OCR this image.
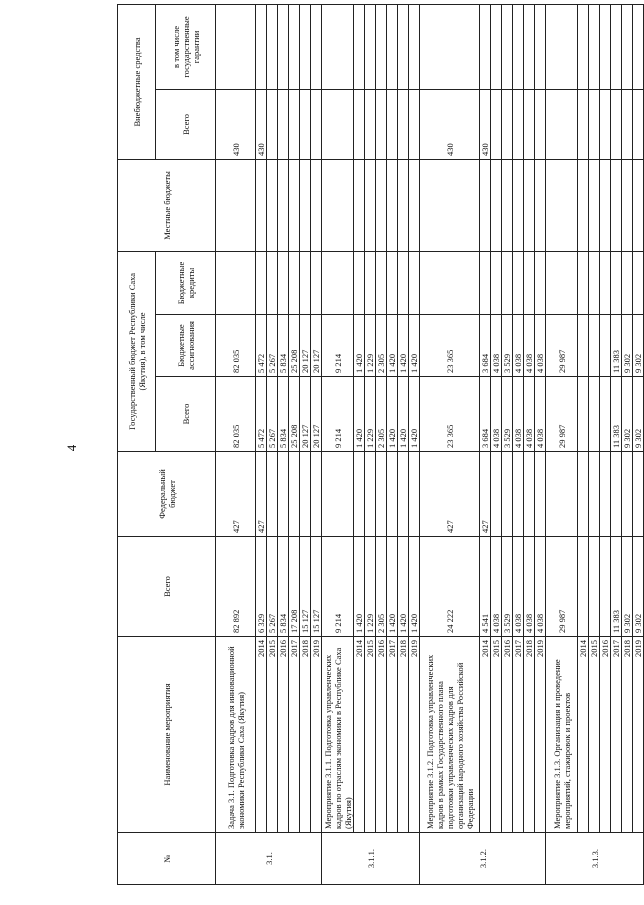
4
№	Наименование мероприятия	Всего	Федеральный бюджет	Государственный бюджет Республики Саха (Якутия), в том числе			Местные бюджеты	Внебюджетные средства	
				Всего	Бюджетные ассигнования	Бюджетные кредиты		Всего	в том числе государственные гарантии
3.1.	Задача 3.1. Подготовка кадров для инновационной экономики Республики Саха (Якутия)	82 892	427	82 035	82 035			430	
	2014	6 329	427	5 472	5 472			430	
	2015	5 267		5 267	5 267				
	2016	5 834		5 834	5 834				
	2017	17 208		25 208	25 208				
	2018	15 127		20 127	20 127				
	2019	15 127		20 127	20 127				
3.1.1.	Мероприятие 3.1.1. Подготовка управленческих кадров по отраслям экономики в Республике Саха (Якутия)	9 214		9 214	9 214				
	2014	1 420		1 420	1 420				
	2015	1 229		1 229	1 229				
	2016	2 305		2 305	2 305				
	2017	1 420		1 420	1 420				
	2018	1 420		1 420	1 420				
	2019	1 420		1 420	1 420				
3.1.2.	Мероприятие 3.1.2. Подготовка управленческих кадров в рамках Государственного плана подготовки управленческих кадров для организаций народного хозяйства Российской Федерации	24 222	427	23 365	23 365			430	
	2014	4 541	427	3 684	3 684			430	
	2015	4 038		4 038	4 038				
	2016	3 529		3 529	3 529				
	2017	4 038		4 038	4 038				
	2018	4 038		4 038	4 038				
	2019	4 038		4 038	4 038				
3.1.3.	Мероприятие 3.1.3. Организация и проведение мероприятий, стажировок и проектов	29 987		29 987	29 987				
	2014								
	2015								
	2016								
	2017	11 383		11 383	11 383				
	2018	9 302		9 302	9 302				
	2019	9 302		9 302	9 302				
